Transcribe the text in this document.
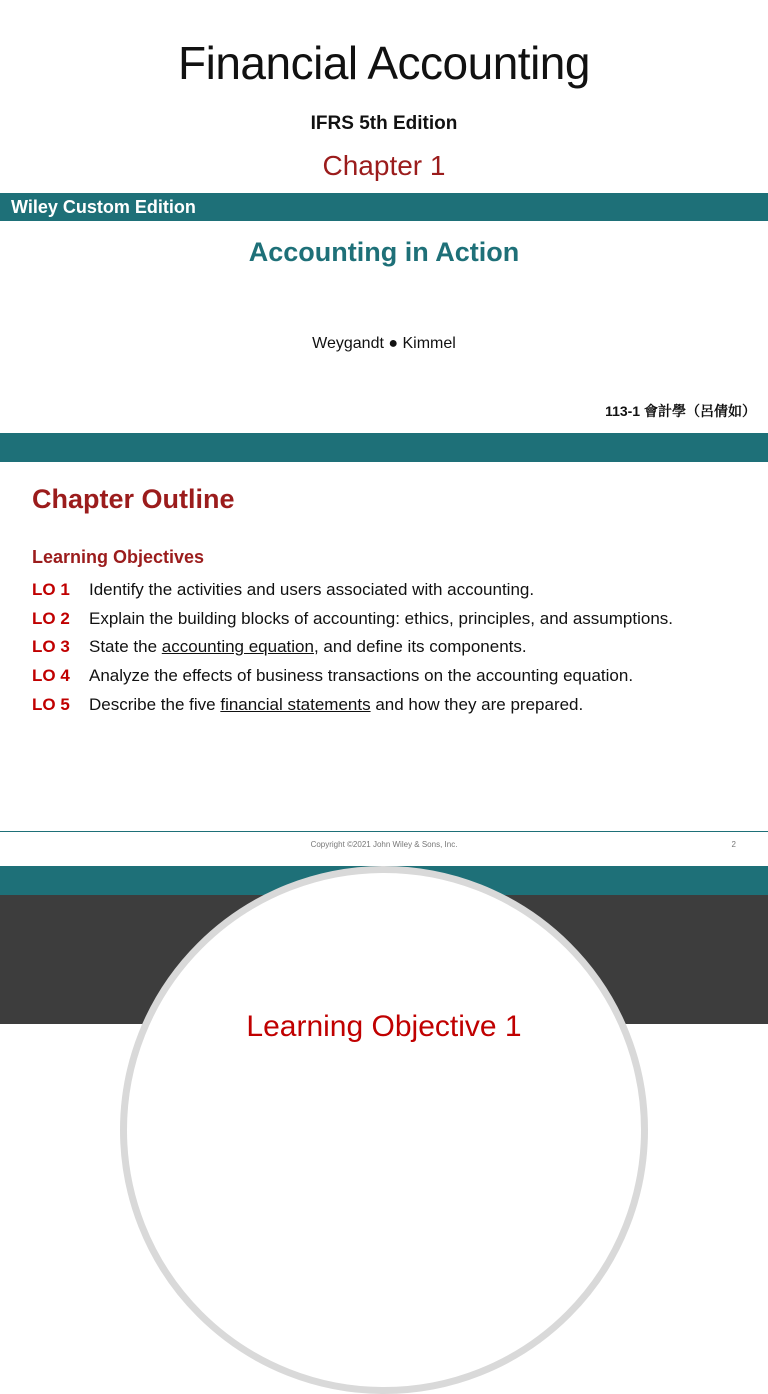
Financial Accounting
IFRS 5th Edition
Chapter 1
Wiley Custom Edition
Accounting in Action
Weygandt ● Kimmel
113-1 會計學（呂倩如）
Chapter Outline
Learning Objectives
LO 1	Identify the activities and users associated with accounting.
LO 2	Explain the building blocks of accounting: ethics, principles, and assumptions.
LO 3	State the accounting equation, and define its components.
LO 4	Analyze the effects of business transactions on the accounting equation.
LO 5	Describe the five financial statements and how they are prepared.
Copyright ©2021 John Wiley & Sons, Inc.	2
Learning Objective 1
